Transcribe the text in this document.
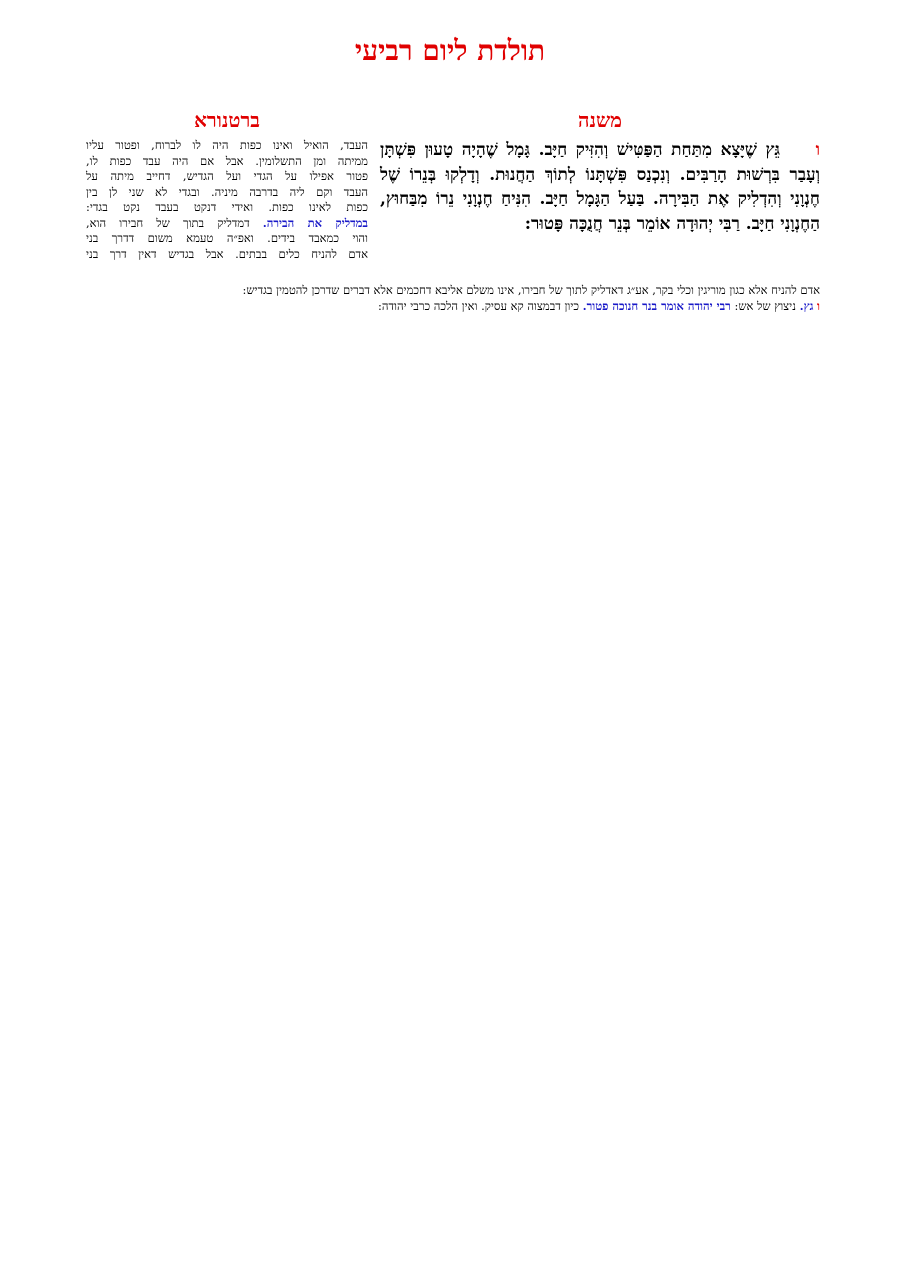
תולדת ליום רביעי
משנה
ברטנורא
ו
גֵּץ שֶׁיָּצָא מִתַּחַת הַפַּטִּישׁ וְהִזִּיק חַיָּב. גָּמָל שֶׁהָיָה טָעוּן פִּשְׁתָּן וְעָבַר בִּרְשׁוּת הָרַבִּים. וְנִכְנַס פִּשְׁתָּנוֹ לְתוֹךְ הַחֲנוּת. וְדָלְקוּ בְּנֵרוֹ שֶׁל חֶנְוָנִי וְהִדְלִיק אֶת הַבִּירָה. בַּעַל הַגָּמָל חַיָּב. הִנִּיחַ חֶנְוָנִי נֵרוֹ מִבַּחוּץ, הַחֶנְוָנִי חַיָּב. רַבִּי יְהוּדָה אוֹמֵר בְּנֵר חֲנֻכָּה פָּטוּר:
העבד, הואיל ואינו כפות היה לו לברוח, ופטור עליו
ממיתה ומן התשלומין. אבל אם היה עבד כפות לו,
פטור אפילו על הגדי ועל הגדיש, דחייב מיתה על
העבד וקם ליה בדרבה מיניה. ובגדי לא שני לן בין
כפות לאינו כפות. ואידי דנקט בעבד נקט בגדי:
במדליק את הבירה. דמדליק בתוך של חבירו הוא,
והוי כמאבד בידים. ואפ״ה טעמא משום דדרך בני
אדם להניח כלים בבתים. אבל בגדיש דאין דרך בני
אדם להניח אלא כגון מוריגין וכלי בקר, אע״ג דאדליק לתוך של חבירו, אינו משלם אליבא דחכמים אלא דברים שדרכן להטמין בגדיש:
ו גץ. ניצוץ של אש: רבי יהודה אומר בנר חנוכה פטור. כיון דבמצוה קא עסיק. ואין הלכה כרבי יהודה:
